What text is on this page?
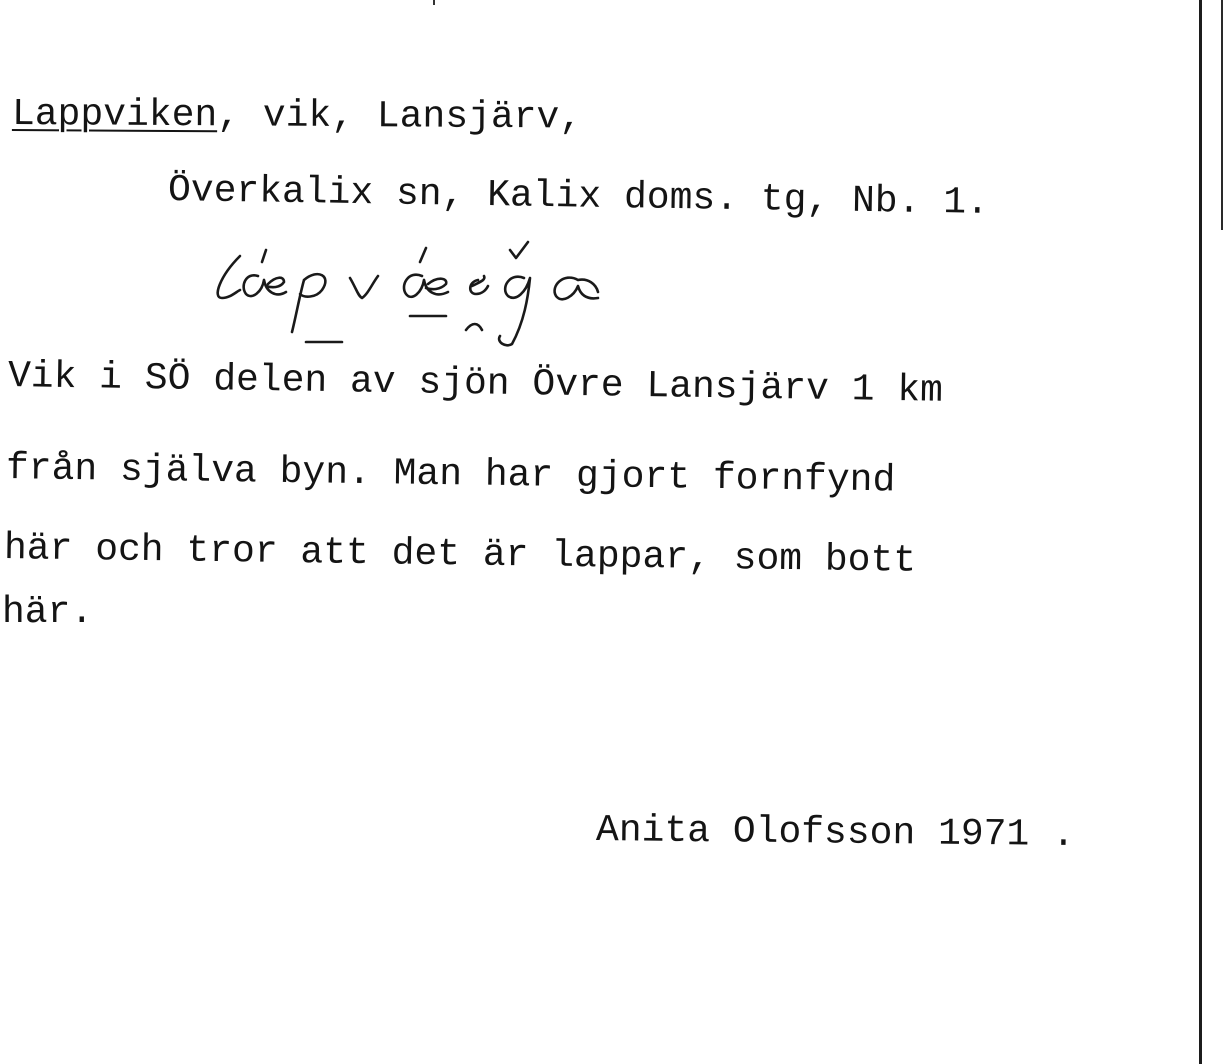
Lappviken, vik, Lansjärv,
Överkalix sn, Kalix doms. tg, Nb. 1.
Vik i SÖ delen av sjön Övre Lansjärv 1 km
från själva byn. Man har gjort fornfynd
här och tror att det är lappar, som bott
här.
Anita Olofsson 1971 .
